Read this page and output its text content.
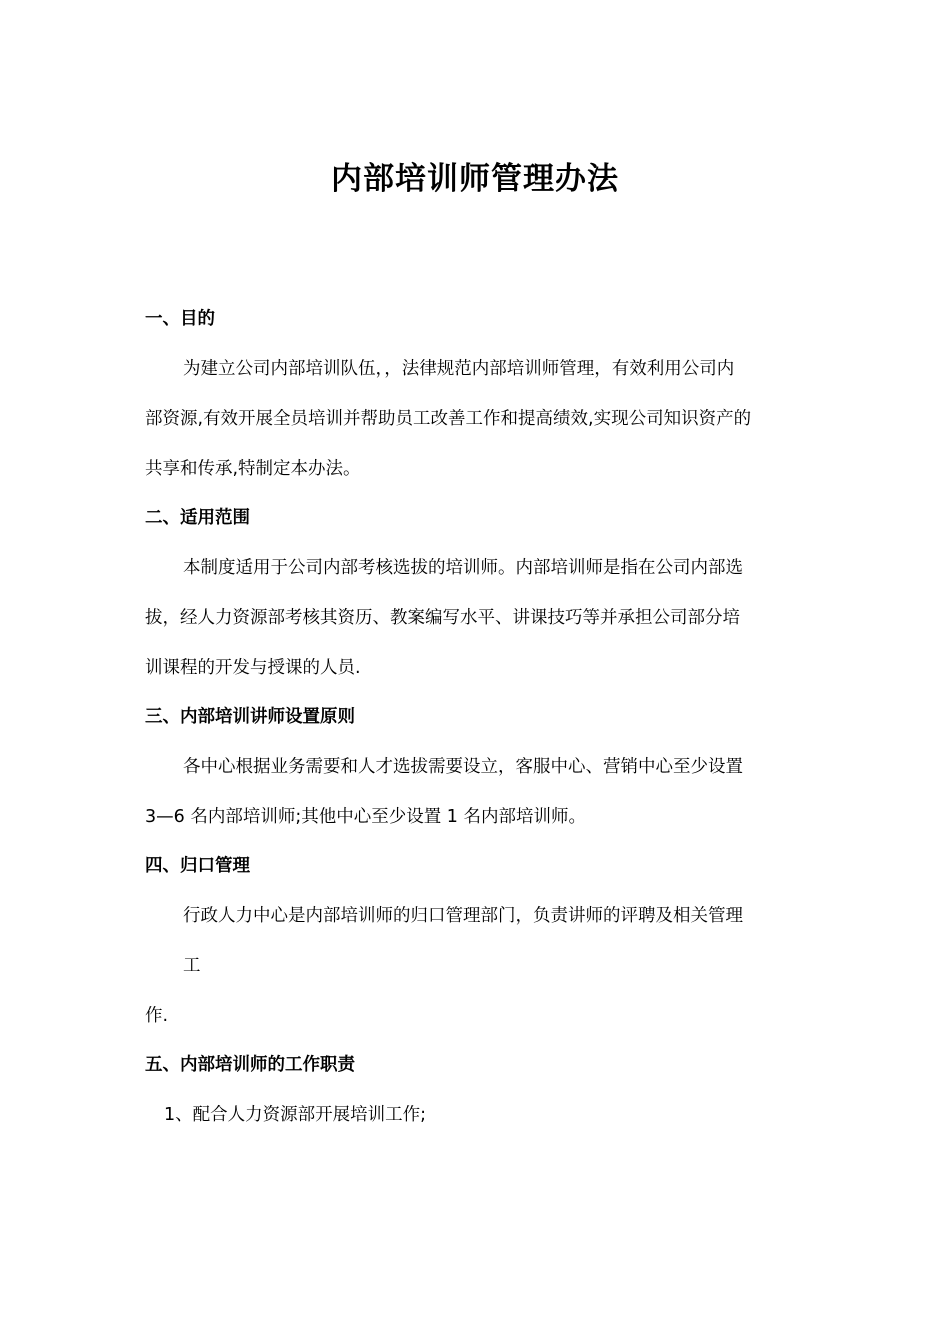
内部培训师管理办法
一、目的
为建立公司内部培训队伍，，法律规范内部培训师管理，有效利用公司内
部资源,有效开展全员培训并帮助员工改善工作和提高绩效,实现公司知识资产的
共享和传承,特制定本办法。
二、适用范围
本制度适用于公司内部考核选拔的培训师。内部培训师是指在公司内部选
拔，经人力资源部考核其资历、教案编写水平、讲课技巧等并承担公司部分培
训课程的开发与授课的人员.
三、内部培训讲师设置原则
各中心根据业务需要和人才选拔需要设立，客服中心、营销中心至少设置
3—6 名内部培训师;其他中心至少设置 1 名内部培训师。
四、归口管理
行政人力中心是内部培训师的归口管理部门，负责讲师的评聘及相关管理
工
作.
五、内部培训师的工作职责
1、配合人力资源部开展培训工作;
